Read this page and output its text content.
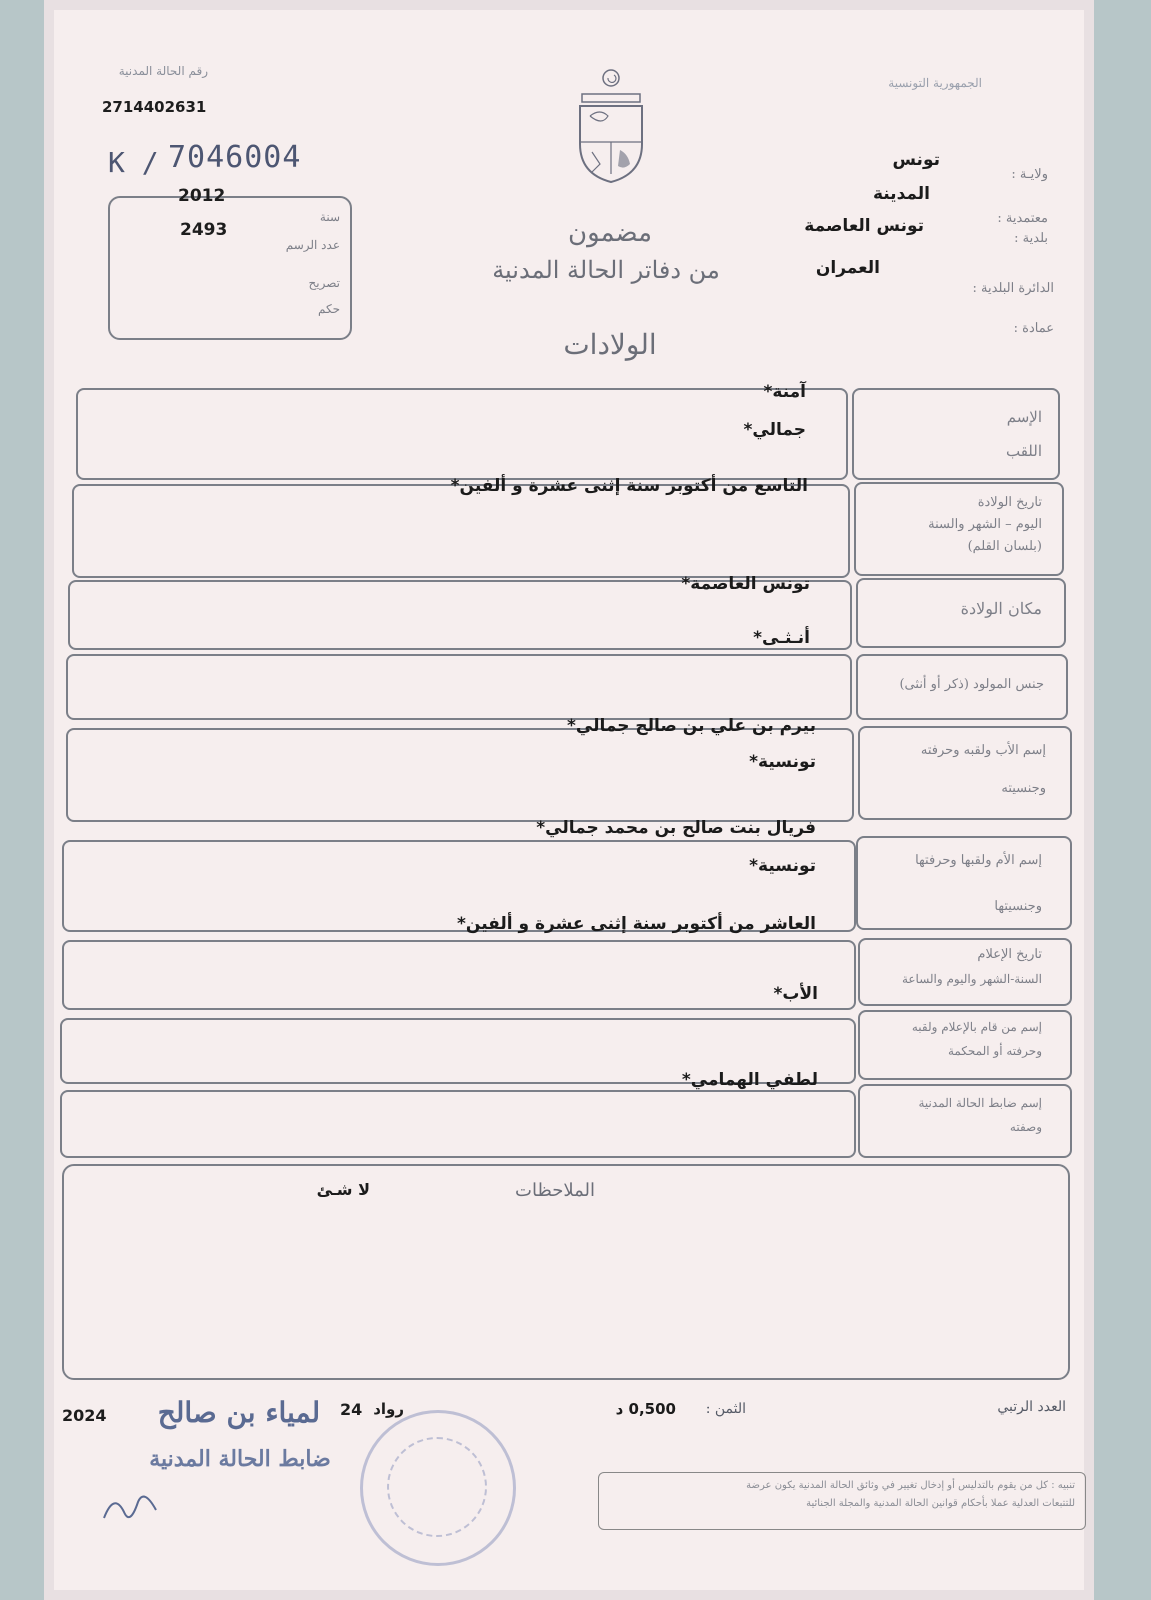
رقم الحالة المدنية
2714402631
K / 7046004
2012
2493
سنة
عدد الرسم
تصريح
حكم
الجمهورية التونسية
ولايـة :
تونس
معتمدية :
المدينة
بلدية :
تونس العاصمة
الدائرة البلدية :
العمران
عمادة :
مضمون
من دفاتر الحالة المدنية
الولادات
الإسم
اللقب
آمنة*
جمالي*
تاريخ الولادة
اليوم – الشهر والسنة
(بلسان القلم)
التاسع من أكتوبر سنة إثنى عشرة و ألفين*
مكان الولادة
تونس العاصمة*
جنس المولود (ذكر أو أنثى)
أنـثـى*
إسم الأب ولقبه وحرفته
وجنسيته
بيرم بن علي بن صالح جمالي*
تونسية*
إسم الأم ولقبها وحرفتها
وجنسيتها
فريال بنت صالح بن محمد جمالي*
تونسية*
تاريخ الإعلام
السنة-الشهر واليوم والساعة
العاشر من أكتوبر سنة إثنى عشرة و ألفين*
إسم من قام بالإعلام ولقبه
وحرفته أو المحكمة
الأب*
إسم ضابط الحالة المدنية
وصفته
لطفي الهمامي*
الملاحظات
لا شـئ
العدد الرتبي
الثمن :
0,500 د
2024	24 رواد
لمياء بن صالح
ضابط الحالة المدنية
تنبيه : كل من يقوم بالتدليس أو إدخال تغيير في وثائق الحالة المدنية يكون عرضة
للتتبعات العدلية عملا بأحكام قوانين الحالة المدنية والمجلة الجنائية
